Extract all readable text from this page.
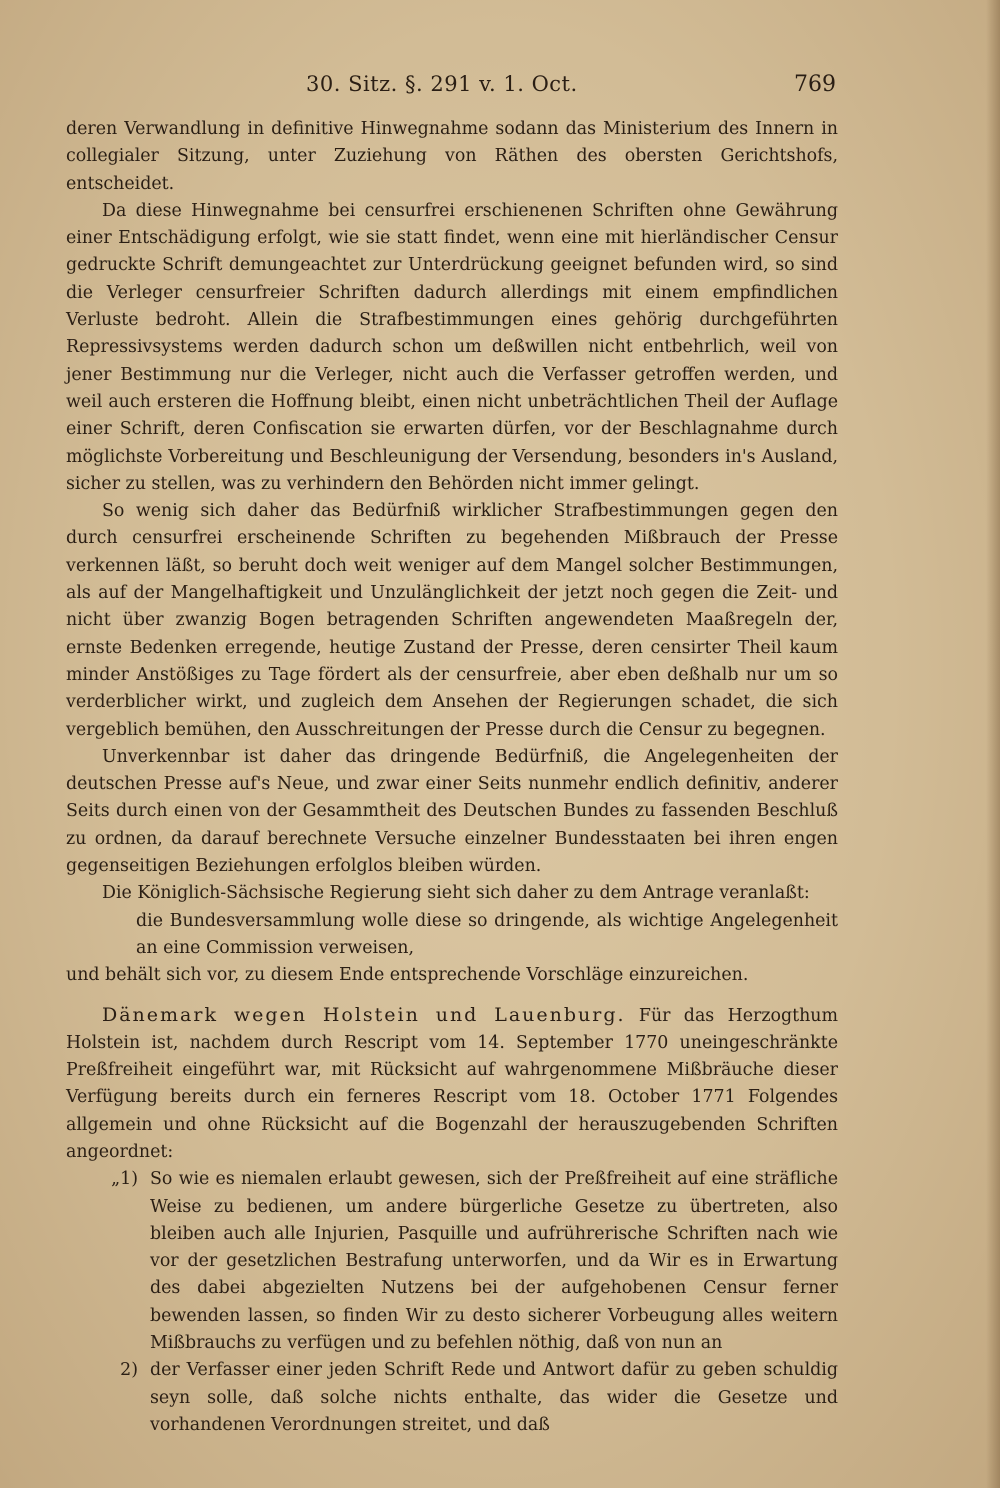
30. Sitz. §. 291 v. 1. Oct.	769

deren Verwandlung in definitive Hinwegnahme sodann das Ministerium des Innern in collegialer Sitzung, unter Zuziehung von Räthen des obersten Gerichtshofs, entscheidet.

Da diese Hinwegnahme bei censurfrei erschienenen Schriften ohne Gewährung einer Entschädigung erfolgt, wie sie statt findet, wenn eine mit hierländischer Censur gedruckte Schrift demungeachtet zur Unterdrückung geeignet befunden wird, so sind die Verleger censurfreier Schriften dadurch allerdings mit einem empfindlichen Verluste bedroht. Allein die Strafbestimmungen eines gehörig durchgeführten Repressivsystems werden dadurch schon um deßwillen nicht entbehrlich, weil von jener Bestimmung nur die Verleger, nicht auch die Verfasser getroffen werden, und weil auch ersteren die Hoffnung bleibt, einen nicht unbeträchtlichen Theil der Auflage einer Schrift, deren Confiscation sie erwarten dürfen, vor der Beschlagnahme durch möglichste Vorbereitung und Beschleunigung der Versendung, besonders in's Ausland, sicher zu stellen, was zu verhindern den Behörden nicht immer gelingt.

So wenig sich daher das Bedürfniß wirklicher Strafbestimmungen gegen den durch censurfrei erscheinende Schriften zu begehenden Mißbrauch der Presse verkennen läßt, so beruht doch weit weniger auf dem Mangel solcher Bestimmungen, als auf der Mangelhaftigkeit und Unzulänglichkeit der jetzt noch gegen die Zeit- und nicht über zwanzig Bogen betragenden Schriften angewendeten Maaßregeln der, ernste Bedenken erregende, heutige Zustand der Presse, deren censirter Theil kaum minder Anstößiges zu Tage fördert als der censurfreie, aber eben deßhalb nur um so verderblicher wirkt, und zugleich dem Ansehen der Regierungen schadet, die sich vergeblich bemühen, den Ausschreitungen der Presse durch die Censur zu begegnen.

Unverkennbar ist daher das dringende Bedürfniß, die Angelegenheiten der deutschen Presse auf's Neue, und zwar einer Seits nunmehr endlich definitiv, anderer Seits durch einen von der Gesammtheit des Deutschen Bundes zu fassenden Beschluß zu ordnen, da darauf berechnete Versuche einzelner Bundesstaaten bei ihren engen gegenseitigen Beziehungen erfolglos bleiben würden.

Die Königlich-Sächsische Regierung sieht sich daher zu dem Antrage veranlaßt:

die Bundesversammlung wolle diese so dringende, als wichtige Angelegenheit an eine Commission verweisen,

und behält sich vor, zu diesem Ende entsprechende Vorschläge einzureichen.

Dänemark wegen Holstein und Lauenburg. Für das Herzogthum Holstein ist, nachdem durch Rescript vom 14. September 1770 uneingeschränkte Preßfreiheit eingeführt war, mit Rücksicht auf wahrgenommene Mißbräuche dieser Verfügung bereits durch ein ferneres Rescript vom 18. October 1771 Folgendes allgemein und ohne Rücksicht auf die Bogenzahl der herauszugebenden Schriften angeordnet:

„1) So wie es niemalen erlaubt gewesen, sich der Preßfreiheit auf eine sträfliche Weise zu bedienen, um andere bürgerliche Gesetze zu übertreten, also bleiben auch alle Injurien, Pasquille und aufrührerische Schriften nach wie vor der gesetzlichen Bestrafung unterworfen, und da Wir es in Erwartung des dabei abgezielten Nutzens bei der aufgehobenen Censur ferner bewenden lassen, so finden Wir zu desto sicherer Vorbeugung alles weitern Mißbrauchs zu verfügen und zu befehlen nöthig, daß von nun an
2) der Verfasser einer jeden Schrift Rede und Antwort dafür zu geben schuldig seyn solle, daß solche nichts enthalte, das wider die Gesetze und vorhandenen Verordnungen streitet, und daß
